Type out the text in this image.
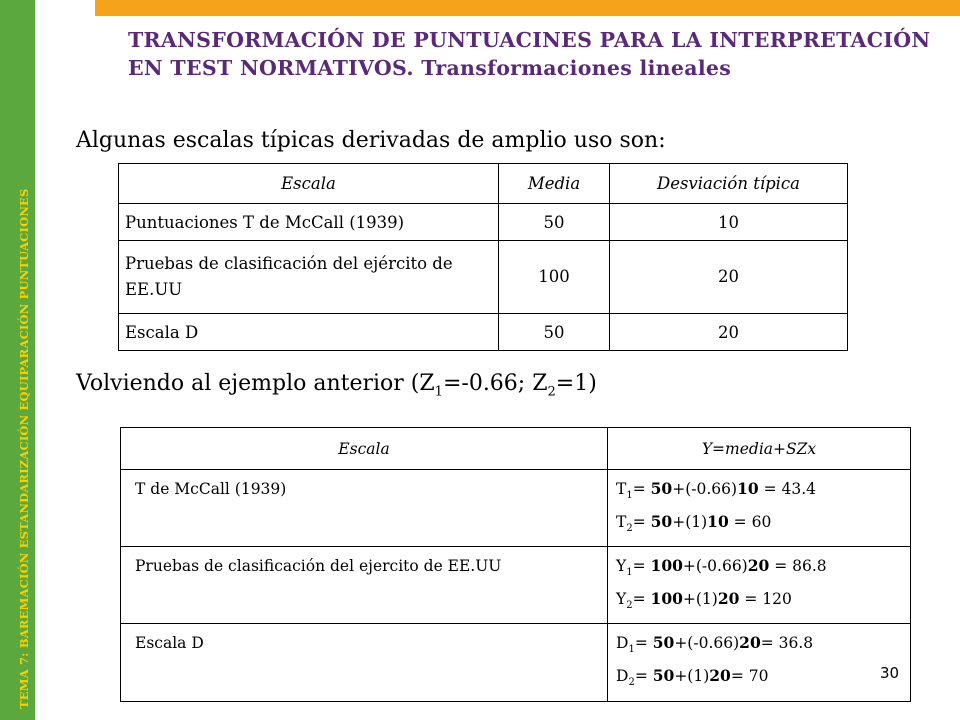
TEMA 7: BAREMACIÓN ESTANDARIZACIÓN EQUIPARACIÓN PUNTUACIONES
TRANSFORMACIÓN DE PUNTUACINES PARA LA INTERPRETACIÓN EN TEST NORMATIVOS. Transformaciones lineales
Algunas escalas típicas derivadas de amplio uso son:
Escala	Media	Desviación típica
Puntuaciones T de McCall (1939)	50	10
Pruebas de clasificación del ejército de EE.UU	100	20
Escala D	50	20
Volviendo al ejemplo anterior ($Z_1=-0.66$; $Z_2=1$)
Escala	Y=media+SZx
T de McCall (1939)	$T_1= 50+(-0.66)10 = 43.4$
$T_2= 50+(1)10 = 60$

Pruebas de clasificación del ejercito de EE.UU	$Y_1= 100+(-0.66)20 = 86.8$
$Y_2= 100+(1)20 = 120$

Escala D	$D_1= 50+(-0.66)20= 36.8$
$D_2= 50+(1)20= 70$	30
